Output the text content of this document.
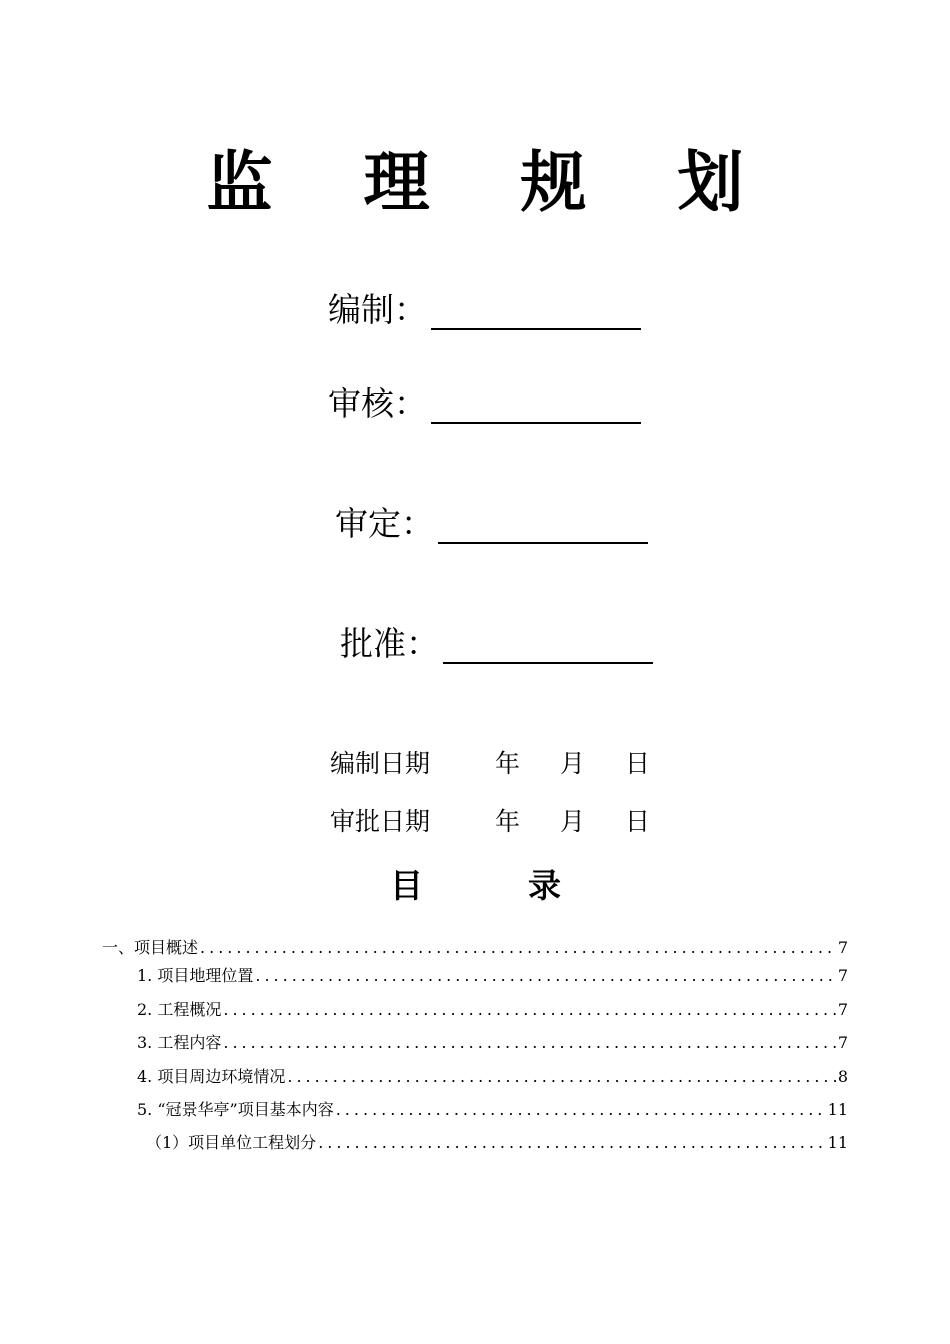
监 理 规 划
编制：
审核：
审定：
批准：
编制日期	年 月 日
审批日期	年 月 日
目	录
一、项目概述 .....	7
1. 项目地理位置 .....	7
2. 工程概况 .....	7
3. 工程内容 .....	7
4. 项目周边环境情况 .....	8
5. “冠景华亭”项目基本内容 .....	11
（1）项目单位工程划分 .....	11
